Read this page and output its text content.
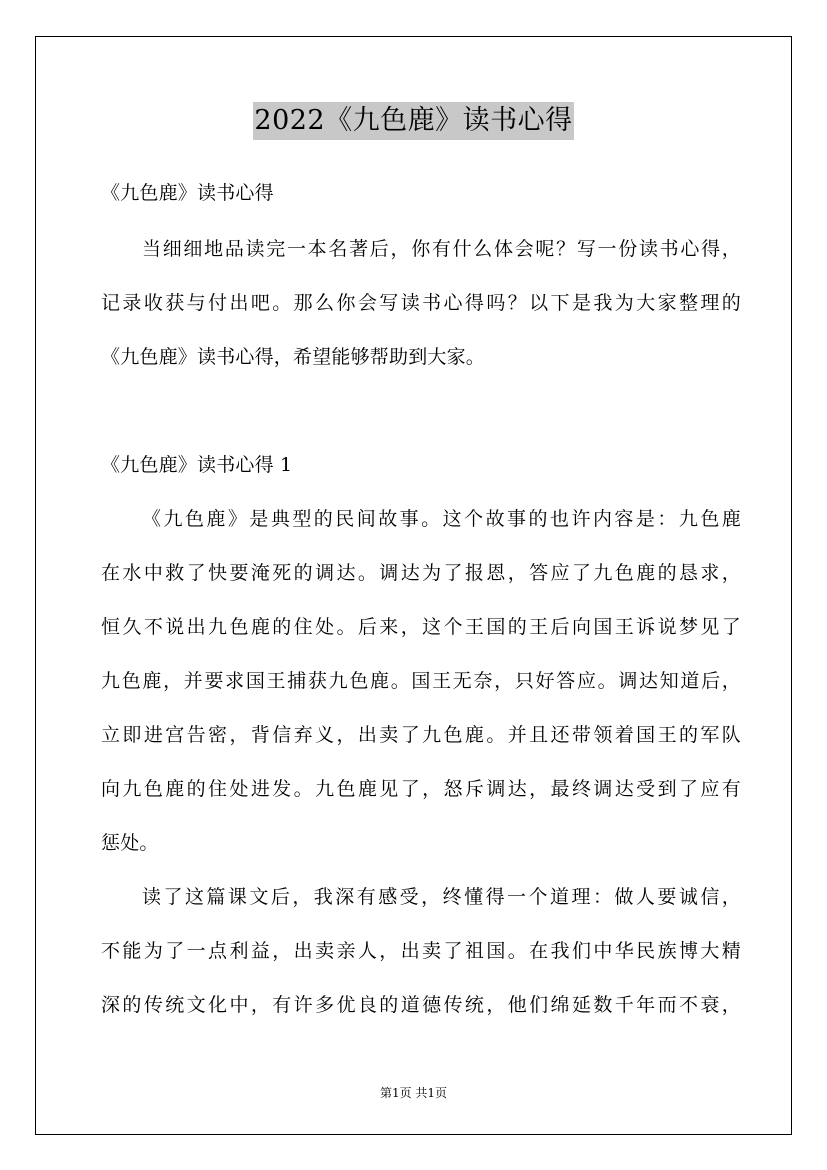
2022《九色鹿》读书心得
《九色鹿》读书心得
当细细地品读完一本名著后，你有什么体会呢？写一份读书心得，
记录收获与付出吧。那么你会写读书心得吗？以下是我为大家整理的
《九色鹿》读书心得，希望能够帮助到大家。
《九色鹿》读书心得 1
《九色鹿》是典型的民间故事。这个故事的也许内容是：九色鹿
在水中救了快要淹死的调达。调达为了报恩，答应了九色鹿的恳求，
恒久不说出九色鹿的住处。后来，这个王国的王后向国王诉说梦见了
九色鹿，并要求国王捕获九色鹿。国王无奈，只好答应。调达知道后，
立即进宫告密，背信弃义，出卖了九色鹿。并且还带领着国王的军队
向九色鹿的住处进发。九色鹿见了，怒斥调达，最终调达受到了应有
惩处。
读了这篇课文后，我深有感受，终懂得一个道理：做人要诚信，
不能为了一点利益，出卖亲人，出卖了祖国。在我们中华民族博大精
深的传统文化中，有许多优良的道德传统，他们绵延数千年而不衰，
第1页 共1页
